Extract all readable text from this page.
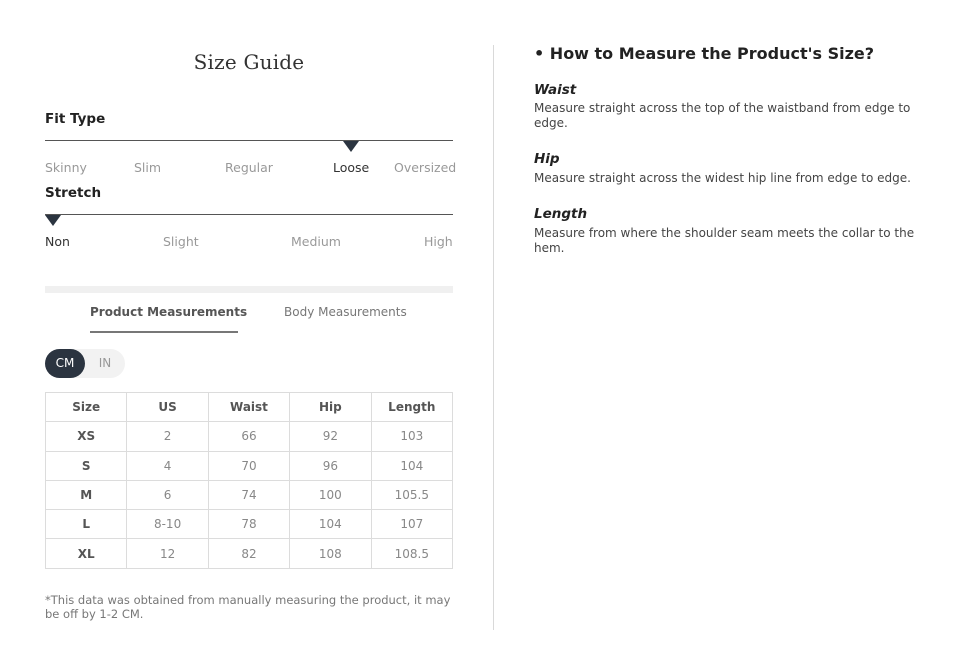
Size Guide
Fit Type
Skinny	Slim	Regular	Loose Oversized
Stretch
Non	Slight	Medium	High
Product Measurements	Body Measurements
CM	IN
Size	US	Waist	Hip	Length
XS	2	66	92	103
S	4	70	96	104
M	6	74	100	105.5
L	8-10	78	104	107
XL	12	82	108	108.5

*This data was obtained from manually measuring the product, it may be off by 1-2 CM.

• How to Measure the Product's Size?
Waist

Measure straight across the top of the waistband from edge to edge.

Hip

Measure straight across the widest hip line from edge to edge.

Length

Measure from where the shoulder seam meets the collar to the hem.
